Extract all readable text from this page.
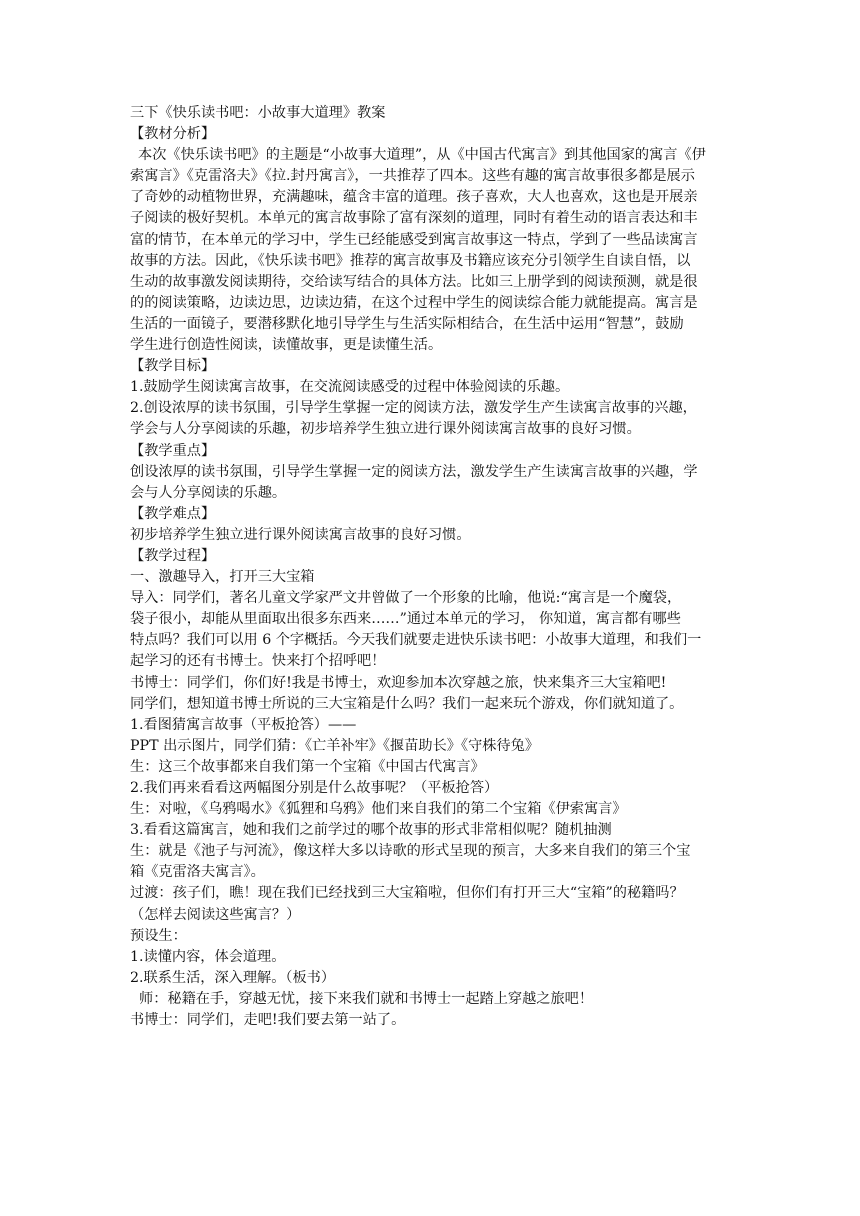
三下《快乐读书吧：小故事大道理》教案

【教材分析】

本次《快乐读书吧》的主题是“小故事大道理”，从《中国古代寓言》到其他国家的寓言《伊

索寓言》《克雷洛夫》《拉.封丹寓言》，一共推荐了四本。这些有趣的寓言故事很多都是展示

了奇妙的动植物世界，充满趣味，蕴含丰富的道理。孩子喜欢，大人也喜欢，这也是开展亲

子阅读的极好契机。本单元的寓言故事除了富有深刻的道理，同时有着生动的语言表达和丰

富的情节，在本单元的学习中，学生已经能感受到寓言故事这一特点，学到了一些品读寓言

故事的方法。因此，《快乐读书吧》推荐的寓言故事及书籍应该充分引领学生自读自悟，以

生动的故事激发阅读期待，交给读写结合的具体方法。比如三上册学到的阅读预测，就是很

的的阅读策略，边读边思，边读边猜，在这个过程中学生的阅读综合能力就能提高。寓言是

生活的一面镜子，要潜移默化地引导学生与生活实际相结合，在生活中运用“智慧”，鼓励

学生进行创造性阅读，读懂故事，更是读懂生活。

【教学目标】

1.鼓励学生阅读寓言故事，在交流阅读感受的过程中体验阅读的乐趣。

2.创设浓厚的读书氛围，引导学生掌握一定的阅读方法，激发学生产生读寓言故事的兴趣，

学会与人分享阅读的乐趣，初步培养学生独立进行课外阅读寓言故事的良好习惯。

【教学重点】

创设浓厚的读书氛围，引导学生掌握一定的阅读方法，激发学生产生读寓言故事的兴趣，学

会与人分享阅读的乐趣。

【教学难点】

初步培养学生独立进行课外阅读寓言故事的良好习惯。

【教学过程】

一、激趣导入，打开三大宝箱

导入：同学们，著名儿童文学家严文井曾做了一个形象的比喻，他说:“寓言是一个魔袋，

袋子很小，却能从里面取出很多东西来……”通过本单元的学习， 你知道，寓言都有哪些

特点吗？我们可以用 6 个字概括。今天我们就要走进快乐读书吧：小故事大道理，和我们一

起学习的还有书博士。快来打个招呼吧！

书博士：同学们，你们好!我是书博士，欢迎参加本次穿越之旅，快来集齐三大宝箱吧!

同学们，想知道书博士所说的三大宝箱是什么吗？我们一起来玩个游戏，你们就知道了。

1.看图猜寓言故事（平板抢答）——

PPT 出示图片，同学们猜：《亡羊补牢》《揠苗助长》《守株待兔》

生：这三个故事都来自我们第一个宝箱《中国古代寓言》

2.我们再来看看这两幅图分别是什么故事呢？（平板抢答）

生：对啦，《乌鸦喝水》《狐狸和乌鸦》他们来自我们的第二个宝箱《伊索寓言》

3.看看这篇寓言，她和我们之前学过的哪个故事的形式非常相似呢？随机抽测

生：就是《池子与河流》，像这样大多以诗歌的形式呈现的预言，大多来自我们的第三个宝

箱《克雷洛夫寓言》。

过渡：孩子们，瞧！现在我们已经找到三大宝箱啦，但你们有打开三大“宝箱”的秘籍吗？

（怎样去阅读这些寓言？）

预设生：

1.读懂内容，体会道理。

2.联系生活，深入理解。（板书）

师：秘籍在手，穿越无忧，接下来我们就和书博士一起踏上穿越之旅吧！

书博士：同学们，走吧!我们要去第一站了。
